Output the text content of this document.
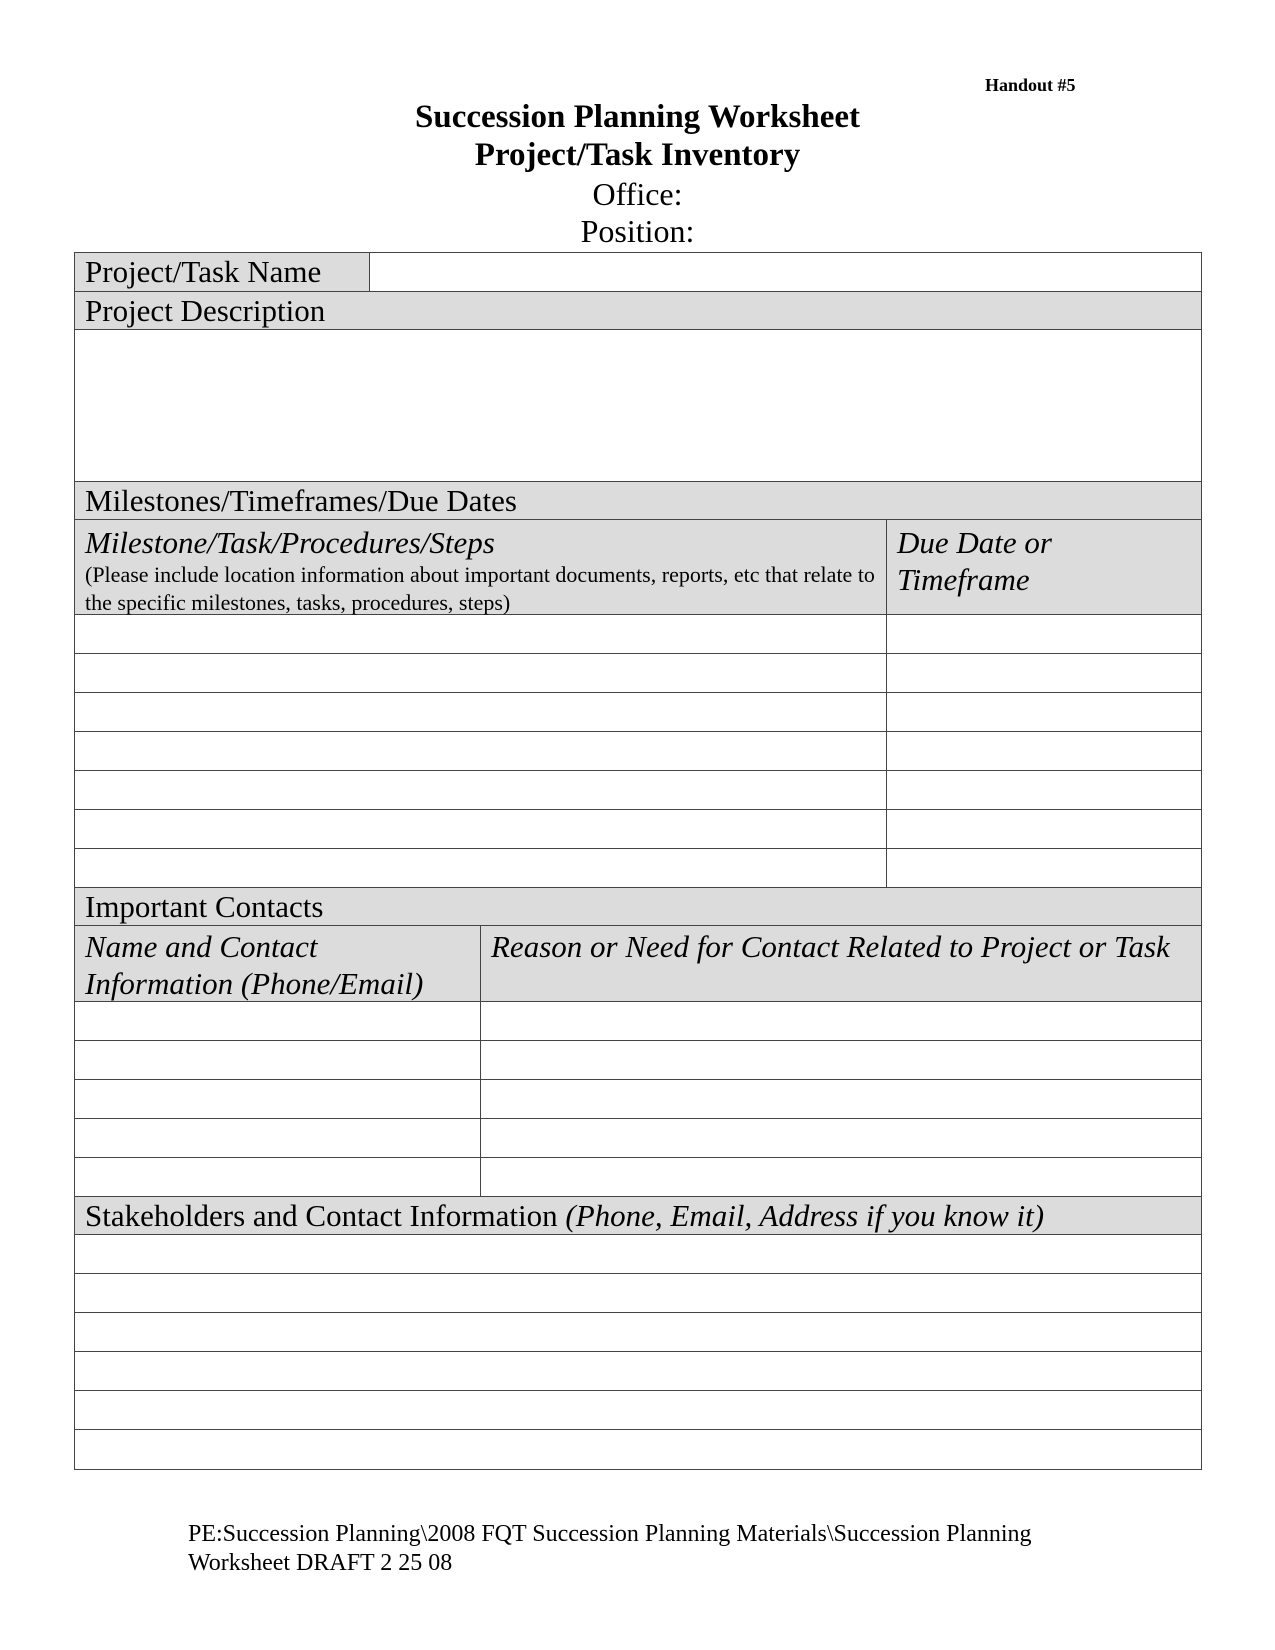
Handout #5
Succession Planning Worksheet
Project/Task Inventory
Office:
Position:
Project/Task Name
Project Description
Milestones/Timeframes/Due Dates
Milestone/Task/Procedures/Steps
(Please include location information about important documents, reports, etc that relate to the specific milestones, tasks, procedures, steps)
Due Date or Timeframe
Important Contacts
Name and Contact Information (Phone/Email)
Reason or Need for Contact Related to Project or Task
Stakeholders and Contact Information (Phone, Email, Address if you know it)
PE:Succession Planning\2008 FQT Succession Planning Materials\Succession Planning
Worksheet DRAFT 2 25 08
